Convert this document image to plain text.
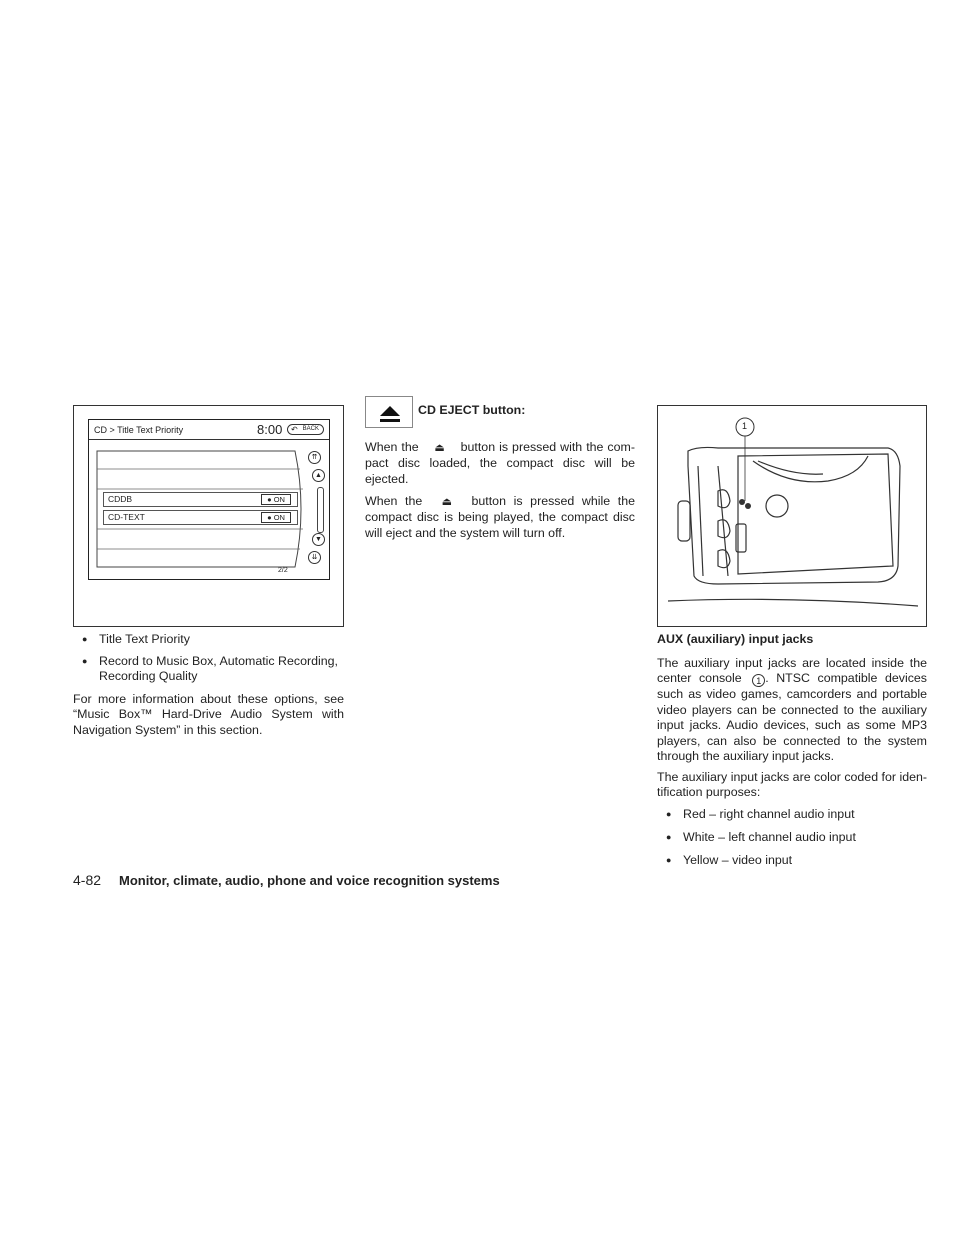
CD > Title Text Priority	8:00 ↶ BACK
CDDB	● ON
CD-TEXT	● ON
⇈
▲
▼
⇊
2/2
● Title Text Priority
● Record to Music Box, Automatic Recording, Recording Quality
For more information about these options, see “Music Box™ Hard-Drive Audio System with Navigation System” in this section.
CD EJECT button:
When the ⏏ button is pressed with the com-pact disc loaded, the compact disc will be ejected.
When the ⏏ button is pressed while the compact disc is being played, the compact disc will eject and the system will turn off.
1
AUX (auxiliary) input jacks
The auxiliary input jacks are located inside the center console 1 . NTSC compatible devices such as video games, camcorders and portable video players can be connected to the auxiliary input jacks. Audio devices, such as some MP3 players, can also be connected to the system through the auxiliary input jacks.
The auxiliary input jacks are color coded for iden-tification purposes:
● Red – right channel audio input
● White – left channel audio input
● Yellow – video input
4-82 Monitor, climate, audio, phone and voice recognition systems
